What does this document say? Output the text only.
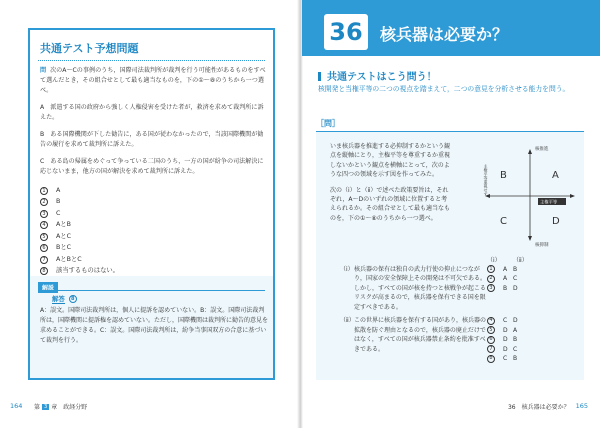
共通テスト予想問題
問 次のA～Cの事例のうち，国際司法裁判所が裁判を行う可能性があるものをすべて選んだとき，その組合せとして最も適当なものを，下の①～⑧のうちから一つ選べ。
A　派遣する国の政府から強しく人権侵害を受けた者が，救済を求めて裁判所に訴えた。
B　ある国際機関が下した勧告に，ある国が従わなかったので，当該国際機関が勧告の履行を求めて裁判所に訴えた。
C　ある島の帰属をめぐって争っている二国のうち，一方の国が紛争の司法解決に応じないまま，他方の国が解決を求めて裁判所に訴えた。
1	A
2	B
3	C
4	AとB
5	AとC
6	BとC
7	AとBとC
8	該当するものはない。
解説
解答	8
A：誤文。国際司法裁判所は，個人に提訴を認めていない。B：誤文。国際司法裁判所は，国際機関に提訴権を認めていない。ただし，国際機関は裁判所に勧告的意見を求めることができる。C：誤文。国際司法裁判所は，紛争当事国双方の合意に基づいて裁判を行う。
164 第 3 章　政経分野
36	核兵器は必要か？
共通テストはこう問う！
核開発と当権平等の二つの視点を踏まえて，二つの意見を分析させる能力を問う。
［問］

いま核兵器を推進する必抑制するかという観点を縦軸にとり，主権平等を尊重するか重視しないかという観点を横軸にとって，次のような四つの領域を示す図を作ってみた。

次の（ⅰ）と（ⅱ）で述べた政策要旨は，それぞれ，A～Dのいずれの領域に位置すると考えられるか。その組合せとして最も適当なものを，下の①～⑧のうちから一つ選べ。

核推進
核抑制
主権平等重視せず
主権平等
A
B
C	D
（ⅰ）	（ⅱ）
（ⅰ） 核兵器の保有は独自の武力行使の抑止につながり，国家の安全保障上その開発は不可欠である。しかし，すべての国が核を持つと核戦争が起こるリスクが高まるので，核兵器を保有できる国を限定すべきである。
1	A B
2	A C
3	B D
（ⅱ） この世界に核兵器を保有する国があり，核兵器の拡散を防ぐ理由となるので，核兵器の廃止だけではなく，すべての国が核兵器禁止条約を批准すべきである。
4	C D
5	D A
6	D B
7	D C
8	C B
36　核兵器は必要か？ 165
